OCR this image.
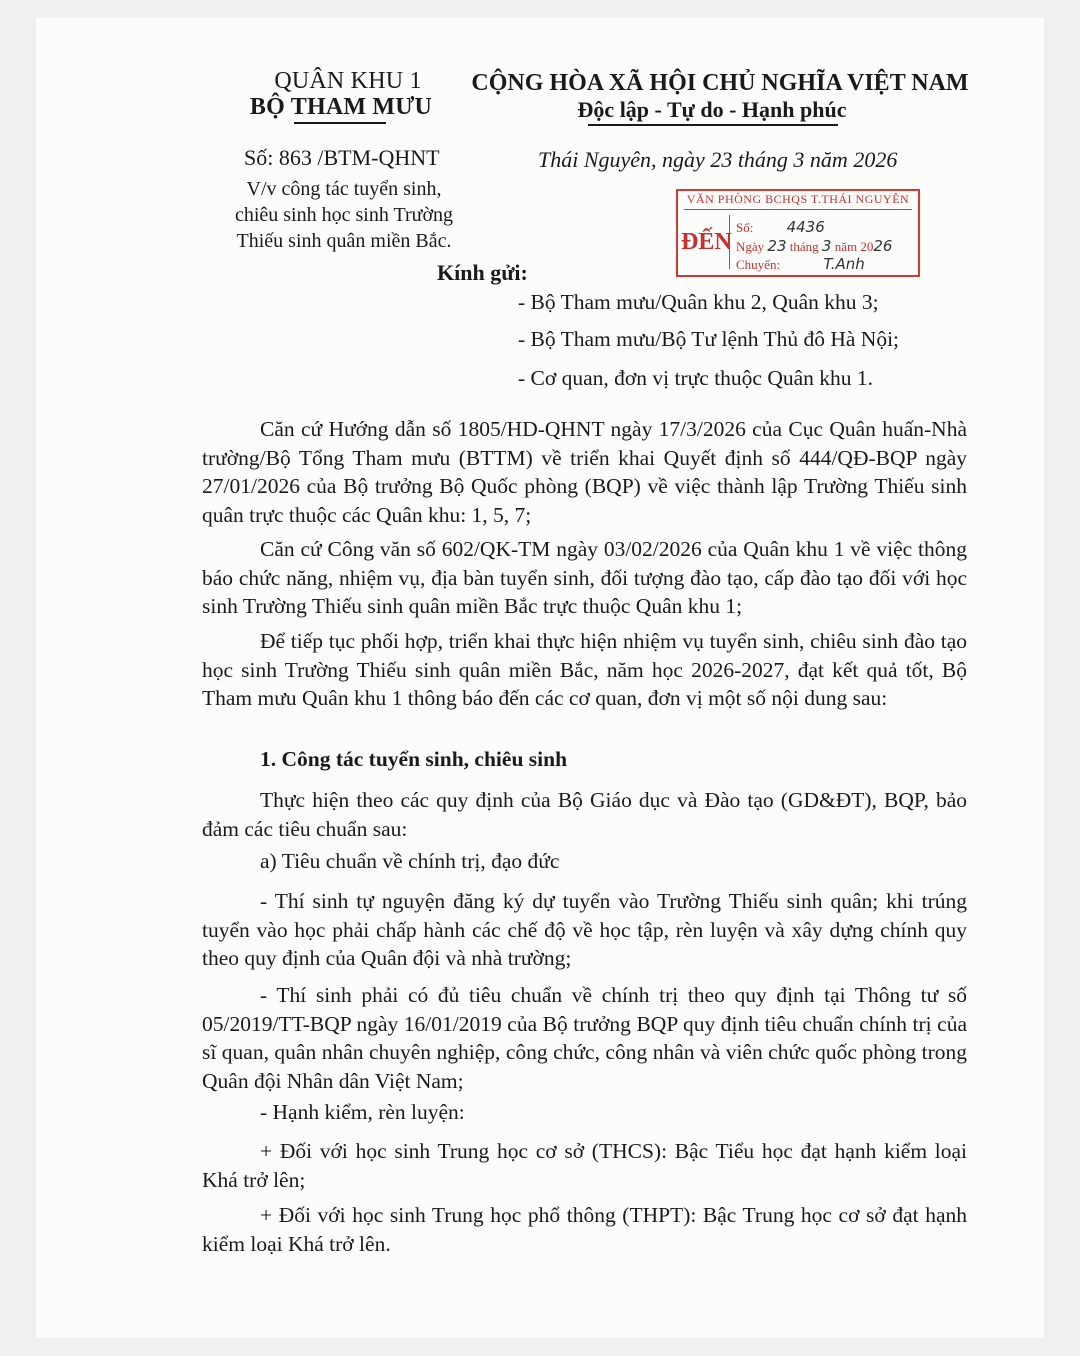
QUÂN KHU 1
BỘ THAM MƯU
CỘNG HÒA XÃ HỘI CHỦ NGHĨA VIỆT NAM
Độc lập - Tự do - Hạnh phúc
Số: 863 /BTM-QHNT
V/v công tác tuyển sinh,
chiêu sinh học sinh Trường
Thiếu sinh quân miền Bắc.
Thái Nguyên, ngày 23 tháng 3 năm 2026
VĂN PHÒNG BCHQS T.THÁI NGUYÊN
ĐẾN
Số: 4436
Ngày 23 tháng 3 năm 2026
Chuyển:	T.Anh
Kính gửi:
- Bộ Tham mưu/Quân khu 2, Quân khu 3;
- Bộ Tham mưu/Bộ Tư lệnh Thủ đô Hà Nội;
- Cơ quan, đơn vị trực thuộc Quân khu 1.
Căn cứ Hướng dẫn số 1805/HD-QHNT ngày 17/3/2026 của Cục Quân huấn-Nhà trường/Bộ Tổng Tham mưu (BTTM) về triển khai Quyết định số 444/QĐ-BQP ngày 27/01/2026 của Bộ trưởng Bộ Quốc phòng (BQP) về việc thành lập Trường Thiếu sinh quân trực thuộc các Quân khu: 1, 5, 7;
Căn cứ Công văn số 602/QK-TM ngày 03/02/2026 của Quân khu 1 về việc thông báo chức năng, nhiệm vụ, địa bàn tuyển sinh, đối tượng đào tạo, cấp đào tạo đối với học sinh Trường Thiếu sinh quân miền Bắc trực thuộc Quân khu 1;
Để tiếp tục phối hợp, triển khai thực hiện nhiệm vụ tuyển sinh, chiêu sinh đào tạo học sinh Trường Thiếu sinh quân miền Bắc, năm học 2026-2027, đạt kết quả tốt, Bộ Tham mưu Quân khu 1 thông báo đến các cơ quan, đơn vị một số nội dung sau:
1. Công tác tuyển sinh, chiêu sinh
Thực hiện theo các quy định của Bộ Giáo dục và Đào tạo (GD&ĐT), BQP, bảo đảm các tiêu chuẩn sau:
a) Tiêu chuẩn về chính trị, đạo đức
- Thí sinh tự nguyện đăng ký dự tuyển vào Trường Thiếu sinh quân; khi trúng tuyển vào học phải chấp hành các chế độ về học tập, rèn luyện và xây dựng chính quy theo quy định của Quân đội và nhà trường;
- Thí sinh phải có đủ tiêu chuẩn về chính trị theo quy định tại Thông tư số 05/2019/TT-BQP ngày 16/01/2019 của Bộ trưởng BQP quy định tiêu chuẩn chính trị của sĩ quan, quân nhân chuyên nghiệp, công chức, công nhân và viên chức quốc phòng trong Quân đội Nhân dân Việt Nam;
- Hạnh kiểm, rèn luyện:
+ Đối với học sinh Trung học cơ sở (THCS): Bậc Tiểu học đạt hạnh kiểm loại Khá trở lên;
+ Đối với học sinh Trung học phổ thông (THPT): Bậc Trung học cơ sở đạt hạnh kiểm loại Khá trở lên.
